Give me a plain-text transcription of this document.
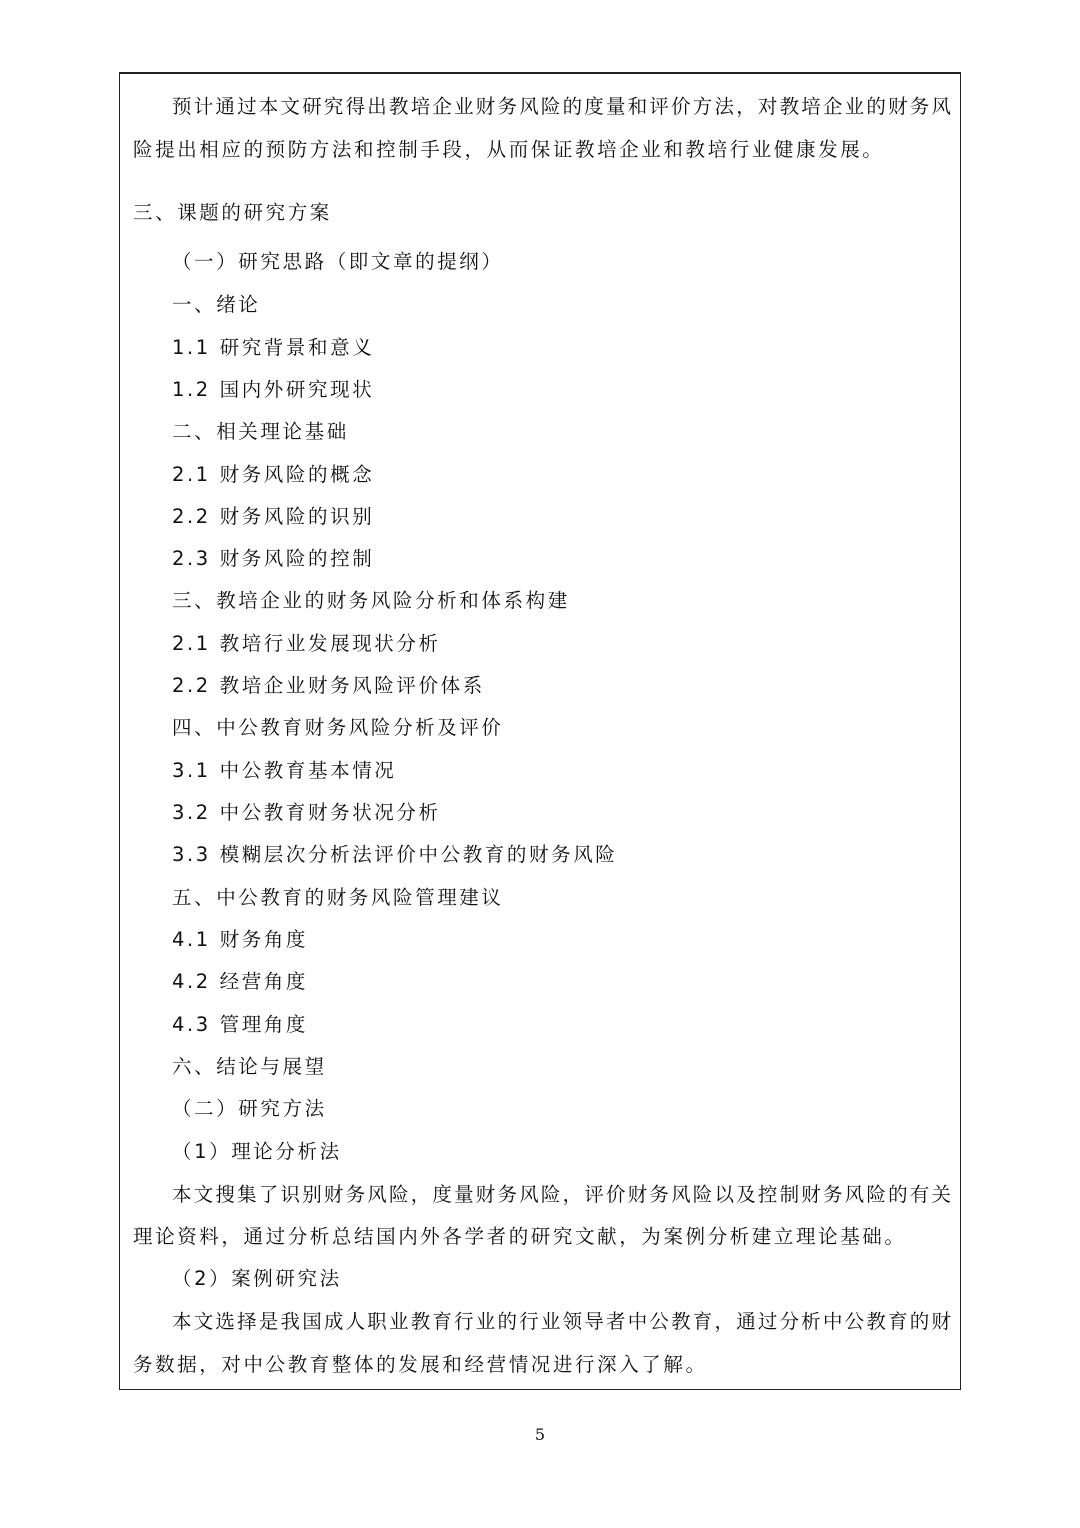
预计通过本文研究得出教培企业财务风险的度量和评价方法，对教培企业的财务风
险提出相应的预防方法和控制手段，从而保证教培企业和教培行业健康发展。
三、课题的研究方案
（一）研究思路（即文章的提纲）
一、绪论
1.1 研究背景和意义
1.2 国内外研究现状
二、相关理论基础
2.1 财务风险的概念
2.2 财务风险的识别
2.3 财务风险的控制
三、教培企业的财务风险分析和体系构建
2.1 教培行业发展现状分析
2.2 教培企业财务风险评价体系
四、中公教育财务风险分析及评价
3.1 中公教育基本情况
3.2 中公教育财务状况分析
3.3 模糊层次分析法评价中公教育的财务风险
五、中公教育的财务风险管理建议
4.1 财务角度
4.2 经营角度
4.3 管理角度
六、结论与展望
（二）研究方法
（1）理论分析法
本文搜集了识别财务风险，度量财务风险，评价财务风险以及控制财务风险的有关
理论资料，通过分析总结国内外各学者的研究文献，为案例分析建立理论基础。
（2）案例研究法
本文选择是我国成人职业教育行业的行业领导者中公教育，通过分析中公教育的财
务数据，对中公教育整体的发展和经营情况进行深入了解。
5
